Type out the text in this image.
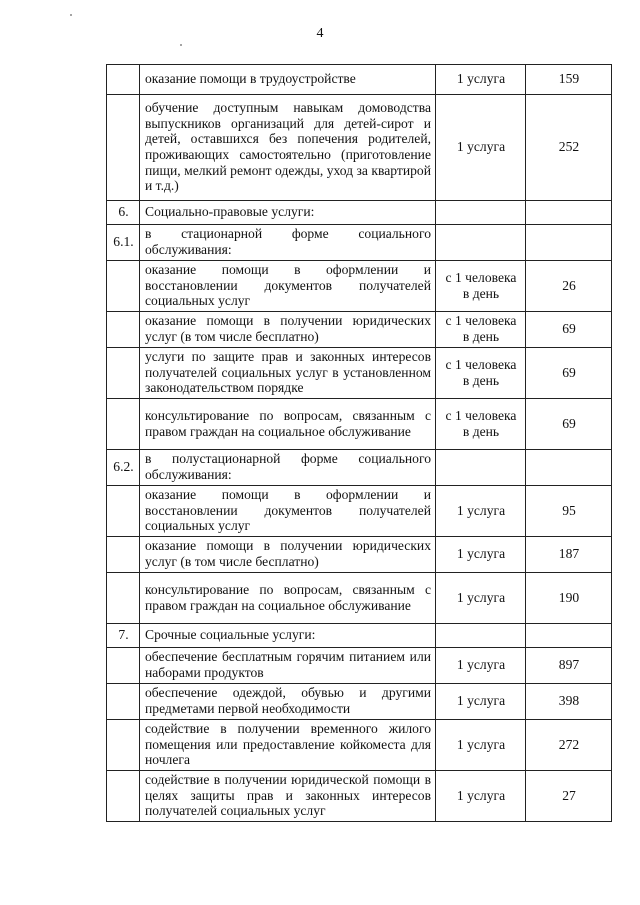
4
	оказание помощи в трудоустройстве	1 услуга	159
	обучение доступным навыкам домоводства выпускников организаций для детей-сирот и детей, оставшихся без попечения родителей, проживающих самостоятельно (приготовление пищи, мелкий ремонт одежды, уход за квартирой и т.д.)	1 услуга	252
6.	Социально-правовые услуги:		
6.1.	в стационарной форме социального обслуживания:		
	оказание помощи в оформлении и восстановлении документов получателей социальных услуг	с 1 человека в день	26
	оказание помощи в получении юридических услуг (в том числе бесплатно)	с 1 человека в день	69
	услуги по защите прав и законных интересов получателей социальных услуг в установленном законодательством порядке	с 1 человека в день	69
	консультирование по вопросам, связанным с правом граждан на социальное обслуживание	с 1 человека в день	69
6.2.	в полустационарной форме социального обслуживания:		
	оказание помощи в оформлении и восстановлении документов получателей социальных услуг	1 услуга	95
	оказание помощи в получении юридических услуг (в том числе бесплатно)	1 услуга	187
	консультирование по вопросам, связанным с правом граждан на социальное обслуживание	1 услуга	190
7.	Срочные социальные услуги:		
	обеспечение бесплатным горячим питанием или наборами продуктов	1 услуга	897
	обеспечение одеждой, обувью и другими предметами первой необходимости	1 услуга	398
	содействие в получении временного жилого помещения или предоставление койкоместа для ночлега	1 услуга	272
	содействие в получении юридической помощи в целях защиты прав и законных интересов получателей социальных услуг	1 услуга	27
